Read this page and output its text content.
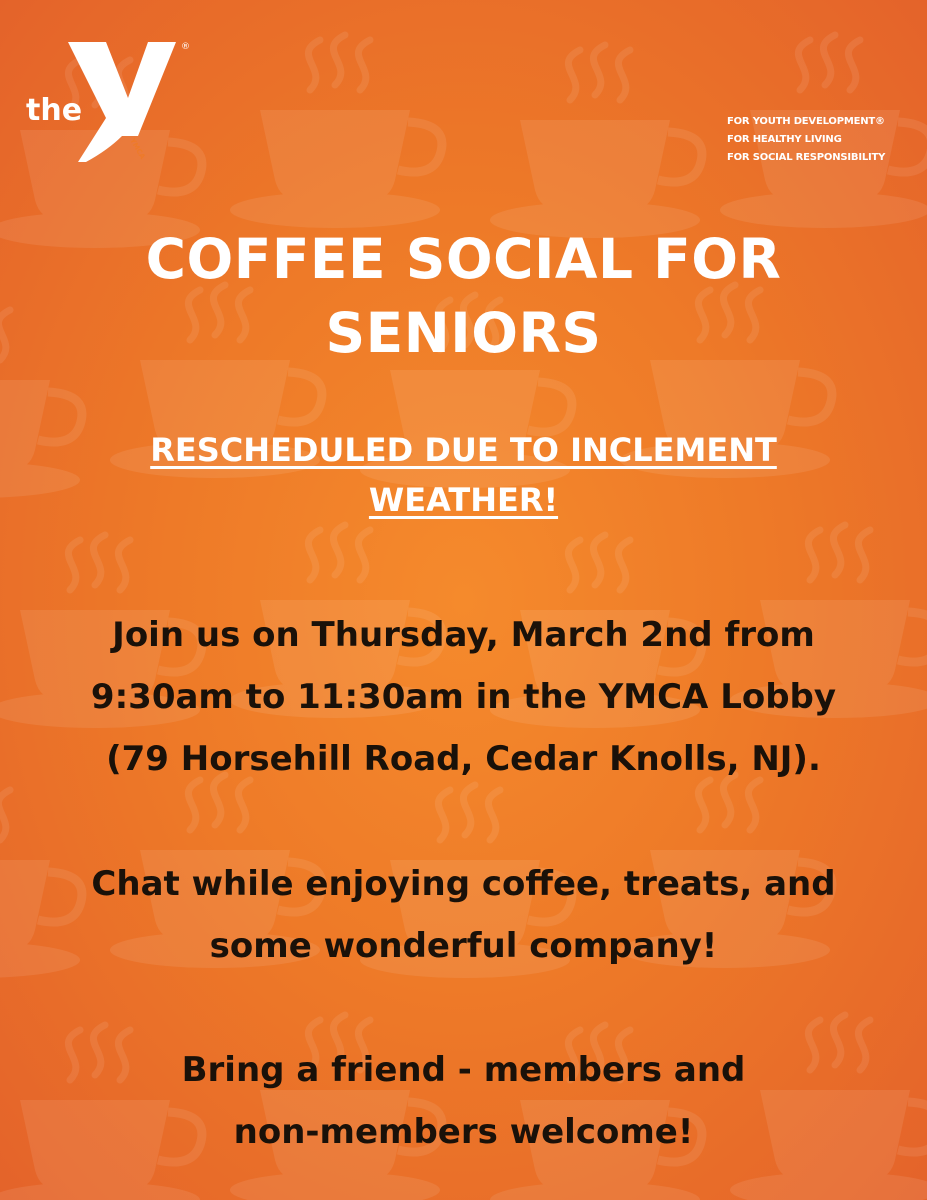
the
®
YMCA
FOR YOUTH DEVELOPMENT®
FOR HEALTHY LIVING
FOR SOCIAL RESPONSIBILITY
COFFEE SOCIAL FOR
SENIORS
RESCHEDULED DUE TO INCLEMENT
WEATHER!
Join us on Thursday, March 2nd from
9:30am to 11:30am in the YMCA Lobby
(79 Horsehill Road, Cedar Knolls, NJ).
Chat while enjoying coffee, treats, and
some wonderful company!
Bring a friend - members and
non-members welcome!
